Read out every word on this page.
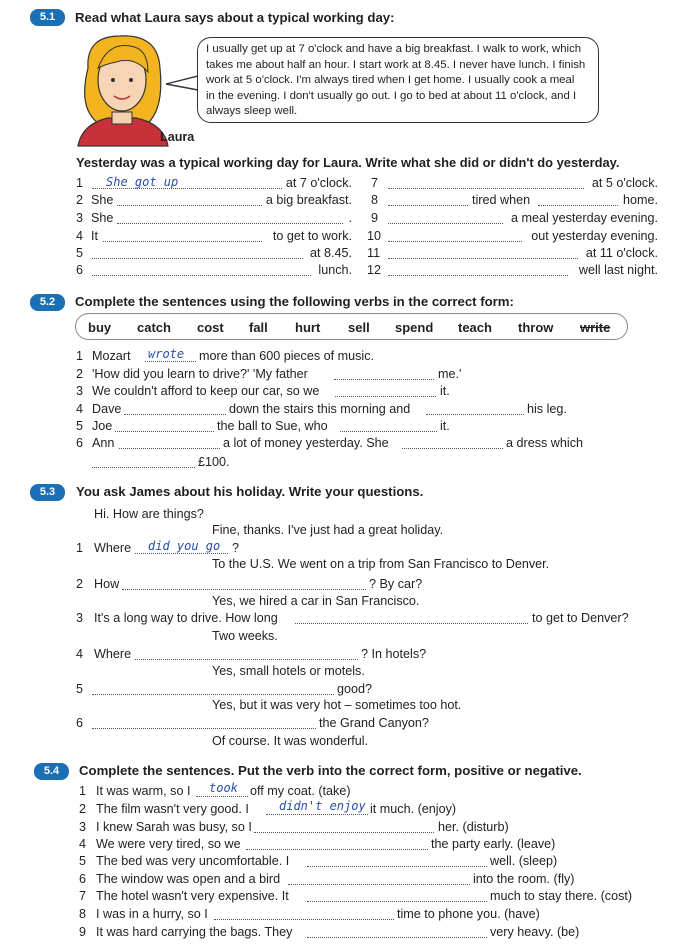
5.1	Read what Laura says about a typical working day:
I usually get up at 7 o'clock and have a big breakfast. I walk to work, which
takes me about half an hour. I start work at 8.45. I never have lunch. I finish
work at 5 o'clock. I'm always tired when I get home. I usually cook a meal
in the evening. I don't usually go out. I go to bed at about 11 o'clock, and I
always sleep well.
Laura
Yesterday was a typical working day for Laura. Write what she did or didn't do yesterday.
1 She got up	at 7 o'clock.
2 She	a big breakfast.
3 She	.
4 It	to get to work.
5	at 8.45.
6	lunch.
7	at 5 o'clock.
8	tired when	home.
9	a meal yesterday evening.
10	out yesterday evening.
11	at 11 o'clock.
12	well last night.
5.2	Complete the sentences using the following verbs in the correct form:
buy catch cost fall hurt sell spend teach throw write
1 Mozart wrote more than 600 pieces of music.
2 'How did you learn to drive?' 'My father	me.'
3 We couldn't afford to keep our car, so we	it.
4 Dave	down the stairs this morning and	his leg.
5 Joe	the ball to Sue, who	it.
6 Ann	a lot of money yesterday. She	a dress which
£100.
5.3	You ask James about his holiday. Write your questions.
Hi. How are things?
Fine, thanks. I've just had a great holiday.
1 Where did you go ?
To the U.S. We went on a trip from San Francisco to Denver.
2 How	? By car?
Yes, we hired a car in San Francisco.
3 It's a long way to drive. How long	to get to Denver?
Two weeks.
4 Where	? In hotels?
Yes, small hotels or motels.
5	good?
Yes, but it was very hot – sometimes too hot.
6	the Grand Canyon?
Of course. It was wonderful.
5.4	Complete the sentences. Put the verb into the correct form, positive or negative.
1 It was warm, so I took off my coat. (take)
2 The film wasn't very good. I	didn't enjoy it much. (enjoy)
3 I knew Sarah was busy, so I	her. (disturb)
4 We were very tired, so we	the party early. (leave)
5 The bed was very uncomfortable. I	well. (sleep)
6 The window was open and a bird	into the room. (fly)
7 The hotel wasn't very expensive. It	much to stay there. (cost)
8 I was in a hurry, so I	time to phone you. (have)
9 It was hard carrying the bags. They	very heavy. (be)
